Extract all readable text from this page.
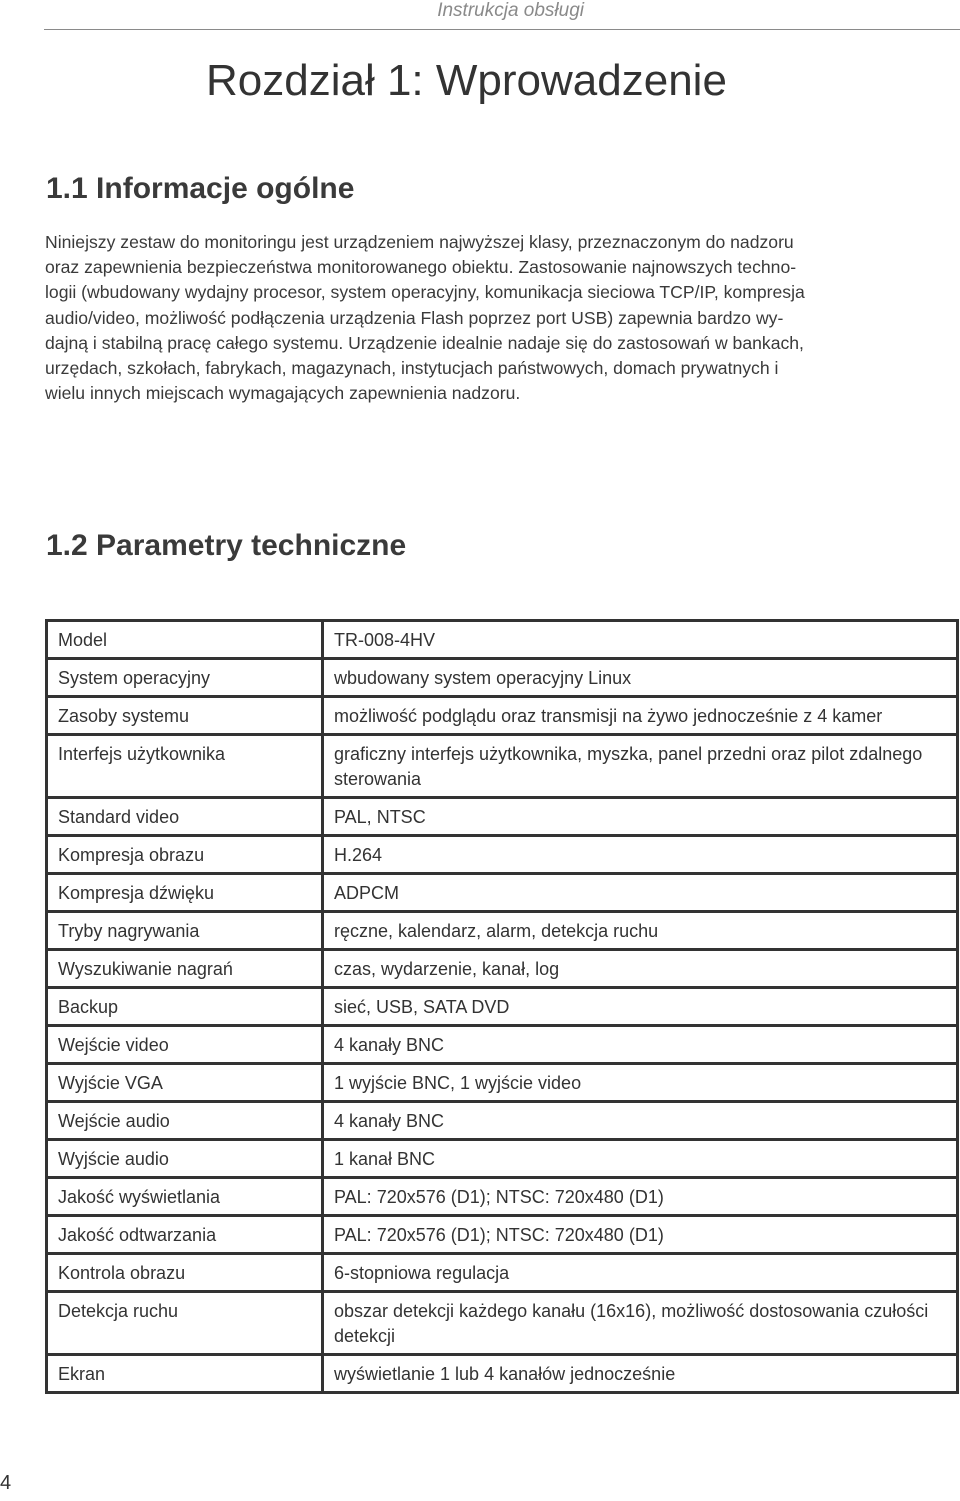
Instrukcja obsługi
Rozdział 1: Wprowadzenie
1.1 Informacje ogólne

Niniejszy zestaw do monitoringu jest urządzeniem najwyższej klasy, przeznaczonym do nadzoru
oraz zapewnienia bezpieczeństwa monitorowanego obiektu. Zastosowanie najnowszych techno-
logii (wbudowany wydajny procesor, system operacyjny, komunikacja sieciowa TCP/IP, kompresja
audio/video, możliwość podłączenia urządzenia Flash poprzez port USB) zapewnia bardzo wy-
dajną i stabilną pracę całego systemu. Urządzenie idealnie nadaje się do zastosowań w bankach,
urzędach, szkołach, fabrykach, magazynach, instytucjach państwowych, domach prywatnych i
wielu innych miejscach wymagających zapewnienia nadzoru.

1.2 Parametry techniczne
Model	TR-008-4HV
System operacyjny	wbudowany system operacyjny Linux
Zasoby systemu	możliwość podglądu oraz transmisji na żywo jednocześnie z 4 kamer
Interfejs użytkownika	graficzny interfejs użytkownika, myszka, panel przedni oraz pilot zdalnego sterowania
Standard video	PAL, NTSC
Kompresja obrazu	H.264
Kompresja dźwięku	ADPCM
Tryby nagrywania	ręczne, kalendarz, alarm, detekcja ruchu
Wyszukiwanie nagrań	czas, wydarzenie, kanał, log
Backup	sieć, USB, SATA DVD
Wejście video	4 kanały BNC
Wyjście VGA	1 wyjście BNC, 1 wyjście video
Wejście audio	4 kanały BNC
Wyjście audio	1 kanał BNC
Jakość wyświetlania	PAL: 720x576 (D1); NTSC: 720x480 (D1)
Jakość odtwarzania	PAL: 720x576 (D1); NTSC: 720x480 (D1)
Kontrola obrazu	6-stopniowa regulacja
Detekcja ruchu	obszar detekcji każdego kanału (16x16), możliwość dostosowania czułości detekcji
Ekran	wyświetlanie 1 lub 4 kanałów jednocześnie
4
